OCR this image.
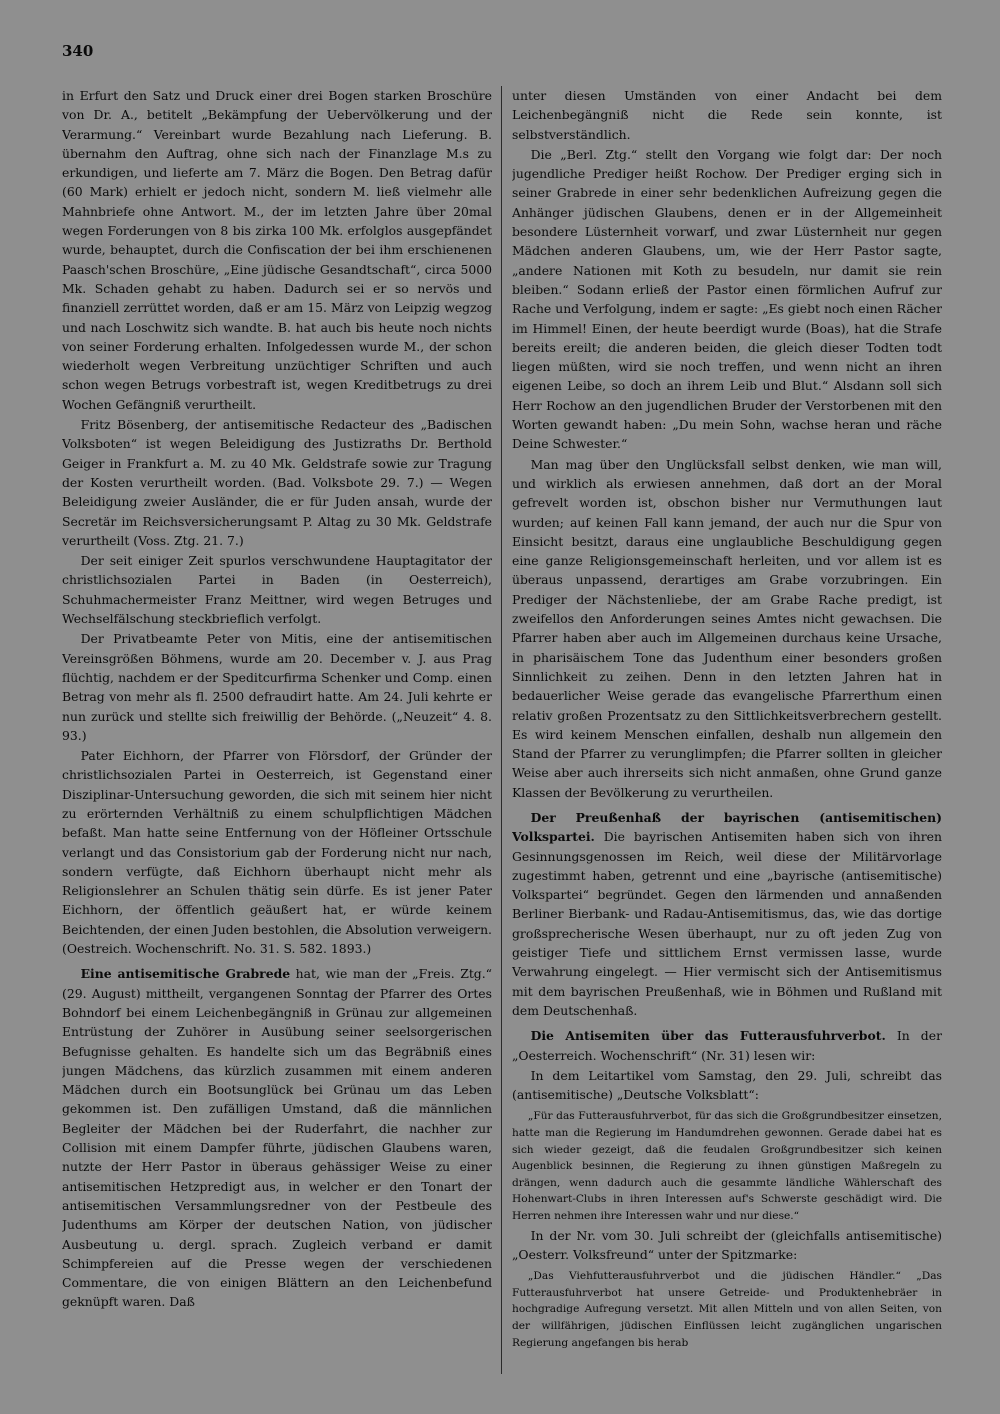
340

in Erfurt den Satz und Druck einer drei Bogen starken Broschüre von Dr. A., betitelt „Bekämpfung der Uebervölkerung und der Verarmung.“ Vereinbart wurde Bezahlung nach Lieferung. B. übernahm den Auftrag, ohne sich nach der Finanzlage M.s zu erkundigen, und lieferte am 7. März die Bogen. Den Betrag dafür (60 Mark) erhielt er jedoch nicht, sondern M. ließ vielmehr alle Mahnbriefe ohne Antwort. M., der im letzten Jahre über 20mal wegen Forderungen von 8 bis zirka 100 Mk. erfolglos ausgepfändet wurde, behauptet, durch die Confiscation der bei ihm erschienenen Paasch'schen Broschüre, „Eine jüdische Gesandtschaft“, circa 5000 Mk. Schaden gehabt zu haben. Dadurch sei er so nervös und finanziell zerrüttet worden, daß er am 15. März von Leipzig wegzog und nach Loschwitz sich wandte. B. hat auch bis heute noch nichts von seiner Forderung erhalten. Infolgedessen wurde M., der schon wiederholt wegen Verbreitung unzüchtiger Schriften und auch schon wegen Betrugs vorbestraft ist, wegen Kreditbetrugs zu drei Wochen Gefängniß verurtheilt.

Fritz Bösenberg, der antisemitische Redacteur des „Badischen Volksboten“ ist wegen Beleidigung des Justizraths Dr. Berthold Geiger in Frankfurt a. M. zu 40 Mk. Geldstrafe sowie zur Tragung der Kosten verurtheilt worden. (Bad. Volksbote 29. 7.) — Wegen Beleidigung zweier Ausländer, die er für Juden ansah, wurde der Secretär im Reichsversicherungsamt P. Altag zu 30 Mk. Geldstrafe verurtheilt (Voss. Ztg. 21. 7.)

Der seit einiger Zeit spurlos verschwundene Hauptagitator der christlichsozialen Partei in Baden (in Oesterreich), Schuhmachermeister Franz Meittner, wird wegen Betruges und Wechselfälschung steckbrieflich verfolgt.

Der Privatbeamte Peter von Mitis, eine der antisemitischen Vereinsgrößen Böhmens, wurde am 20. December v. J. aus Prag flüchtig, nachdem er der Speditcurfirma Schenker und Comp. einen Betrag von mehr als fl. 2500 defraudirt hatte. Am 24. Juli kehrte er nun zurück und stellte sich freiwillig der Behörde. („Neuzeit“ 4. 8. 93.)

Pater Eichhorn, der Pfarrer von Flörsdorf, der Gründer der christlichsozialen Partei in Oesterreich, ist Gegenstand einer Disziplinar-Untersuchung geworden, die sich mit seinem hier nicht zu erörternden Verhältniß zu einem schulpflichtigen Mädchen befaßt. Man hatte seine Entfernung von der Höfleiner Ortsschule verlangt und das Consistorium gab der Forderung nicht nur nach, sondern verfügte, daß Eichhorn überhaupt nicht mehr als Religionslehrer an Schulen thätig sein dürfe. Es ist jener Pater Eichhorn, der öffentlich geäußert hat, er würde keinem Beichtenden, der einen Juden bestohlen, die Absolution verweigern. (Oestreich. Wochenschrift. No. 31. S. 582. 1893.)

Eine antisemitische Grabrede hat, wie man der „Freis. Ztg.“ (29. August) mittheilt, vergangenen Sonntag der Pfarrer des Ortes Bohndorf bei einem Leichenbegängniß in Grünau zur allgemeinen Entrüstung der Zuhörer in Ausübung seiner seelsorgerischen Befugnisse gehalten. Es handelte sich um das Begräbniß eines jungen Mädchens, das kürzlich zusammen mit einem anderen Mädchen durch ein Bootsunglück bei Grünau um das Leben gekommen ist. Den zufälligen Umstand, daß die männlichen Begleiter der Mädchen bei der Ruderfahrt, die nachher zur Collision mit einem Dampfer führte, jüdischen Glaubens waren, nutzte der Herr Pastor in überaus gehässiger Weise zu einer antisemitischen Hetzpredigt aus, in welcher er den Tonart der antisemitischen Versammlungsredner von der Pestbeule des Judenthums am Körper der deutschen Nation, von jüdischer Ausbeutung u. dergl. sprach. Zugleich verband er damit Schimpfereien auf die Presse wegen der verschiedenen Commentare, die von einigen Blättern an den Leichenbefund geknüpft waren. Daß

unter diesen Umständen von einer Andacht bei dem Leichenbegängniß nicht die Rede sein konnte, ist selbstverständlich.

Die „Berl. Ztg.“ stellt den Vorgang wie folgt dar: Der noch jugendliche Prediger heißt Rochow. Der Prediger erging sich in seiner Grabrede in einer sehr bedenklichen Aufreizung gegen die Anhänger jüdischen Glaubens, denen er in der Allgemeinheit besondere Lüsternheit vorwarf, und zwar Lüsternheit nur gegen Mädchen anderen Glaubens, um, wie der Herr Pastor sagte, „andere Nationen mit Koth zu besudeln, nur damit sie rein bleiben.“ Sodann erließ der Pastor einen förmlichen Aufruf zur Rache und Verfolgung, indem er sagte: „Es giebt noch einen Rächer im Himmel! Einen, der heute beerdigt wurde (Boas), hat die Strafe bereits ereilt; die anderen beiden, die gleich dieser Todten todt liegen müßten, wird sie noch treffen, und wenn nicht an ihren eigenen Leibe, so doch an ihrem Leib und Blut.“ Alsdann soll sich Herr Rochow an den jugendlichen Bruder der Verstorbenen mit den Worten gewandt haben: „Du mein Sohn, wachse heran und räche Deine Schwester.“

Man mag über den Unglücksfall selbst denken, wie man will, und wirklich als erwiesen annehmen, daß dort an der Moral gefrevelt worden ist, obschon bisher nur Vermuthungen laut wurden; auf keinen Fall kann jemand, der auch nur die Spur von Einsicht besitzt, daraus eine unglaubliche Beschuldigung gegen eine ganze Religionsgemeinschaft herleiten, und vor allem ist es überaus unpassend, derartiges am Grabe vorzubringen. Ein Prediger der Nächstenliebe, der am Grabe Rache predigt, ist zweifellos den Anforderungen seines Amtes nicht gewachsen. Die Pfarrer haben aber auch im Allgemeinen durchaus keine Ursache, in pharisäischem Tone das Judenthum einer besonders großen Sinnlichkeit zu zeihen. Denn in den letzten Jahren hat in bedauerlicher Weise gerade das evangelische Pfarrerthum einen relativ großen Prozentsatz zu den Sittlichkeitsverbrechern gestellt. Es wird keinem Menschen einfallen, deshalb nun allgemein den Stand der Pfarrer zu verunglimpfen; die Pfarrer sollten in gleicher Weise aber auch ihrerseits sich nicht anmaßen, ohne Grund ganze Klassen der Bevölkerung zu verurtheilen.

Der Preußenhaß der bayrischen (antisemitischen) Volkspartei. Die bayrischen Antisemiten haben sich von ihren Gesinnungsgenossen im Reich, weil diese der Militärvorlage zugestimmt haben, getrennt und eine „bayrische (antisemitische) Volkspartei“ begründet. Gegen den lärmenden und annaßenden Berliner Bierbank- und Radau-Antisemitismus, das, wie das dortige großsprecherische Wesen überhaupt, nur zu oft jeden Zug von geistiger Tiefe und sittlichem Ernst vermissen lasse, wurde Verwahrung eingelegt. — Hier vermischt sich der Antisemitismus mit dem bayrischen Preußenhaß, wie in Böhmen und Rußland mit dem Deutschenhaß.

Die Antisemiten über das Futterausfuhrverbot. In der „Oesterreich. Wochenschrift“ (Nr. 31) lesen wir:

In dem Leitartikel vom Samstag, den 29. Juli, schreibt das (antisemitische) „Deutsche Volksblatt“:

„Für das Futterausfuhrverbot, für das sich die Großgrundbesitzer einsetzen, hatte man die Regierung im Handumdrehen gewonnen. Gerade dabei hat es sich wieder gezeigt, daß die feudalen Großgrundbesitzer sich keinen Augenblick besinnen, die Regierung zu ihnen günstigen Maßregeln zu drängen, wenn dadurch auch die gesammte ländliche Wählerschaft des Hohenwart-Clubs in ihren Interessen auf's Schwerste geschädigt wird. Die Herren nehmen ihre Interessen wahr und nur diese.“

In der Nr. vom 30. Juli schreibt der (gleichfalls antisemitische) „Oesterr. Volksfreund“ unter der Spitzmarke:

„Das Viehfutterausfuhrverbot und die jüdischen Händler.“ „Das Futterausfuhrverbot hat unsere Getreide- und Produktenhebräer in hochgradige Aufregung versetzt. Mit allen Mitteln und von allen Seiten, von der willfährigen, jüdischen Einflüssen leicht zugänglichen ungarischen Regierung angefangen bis herab
